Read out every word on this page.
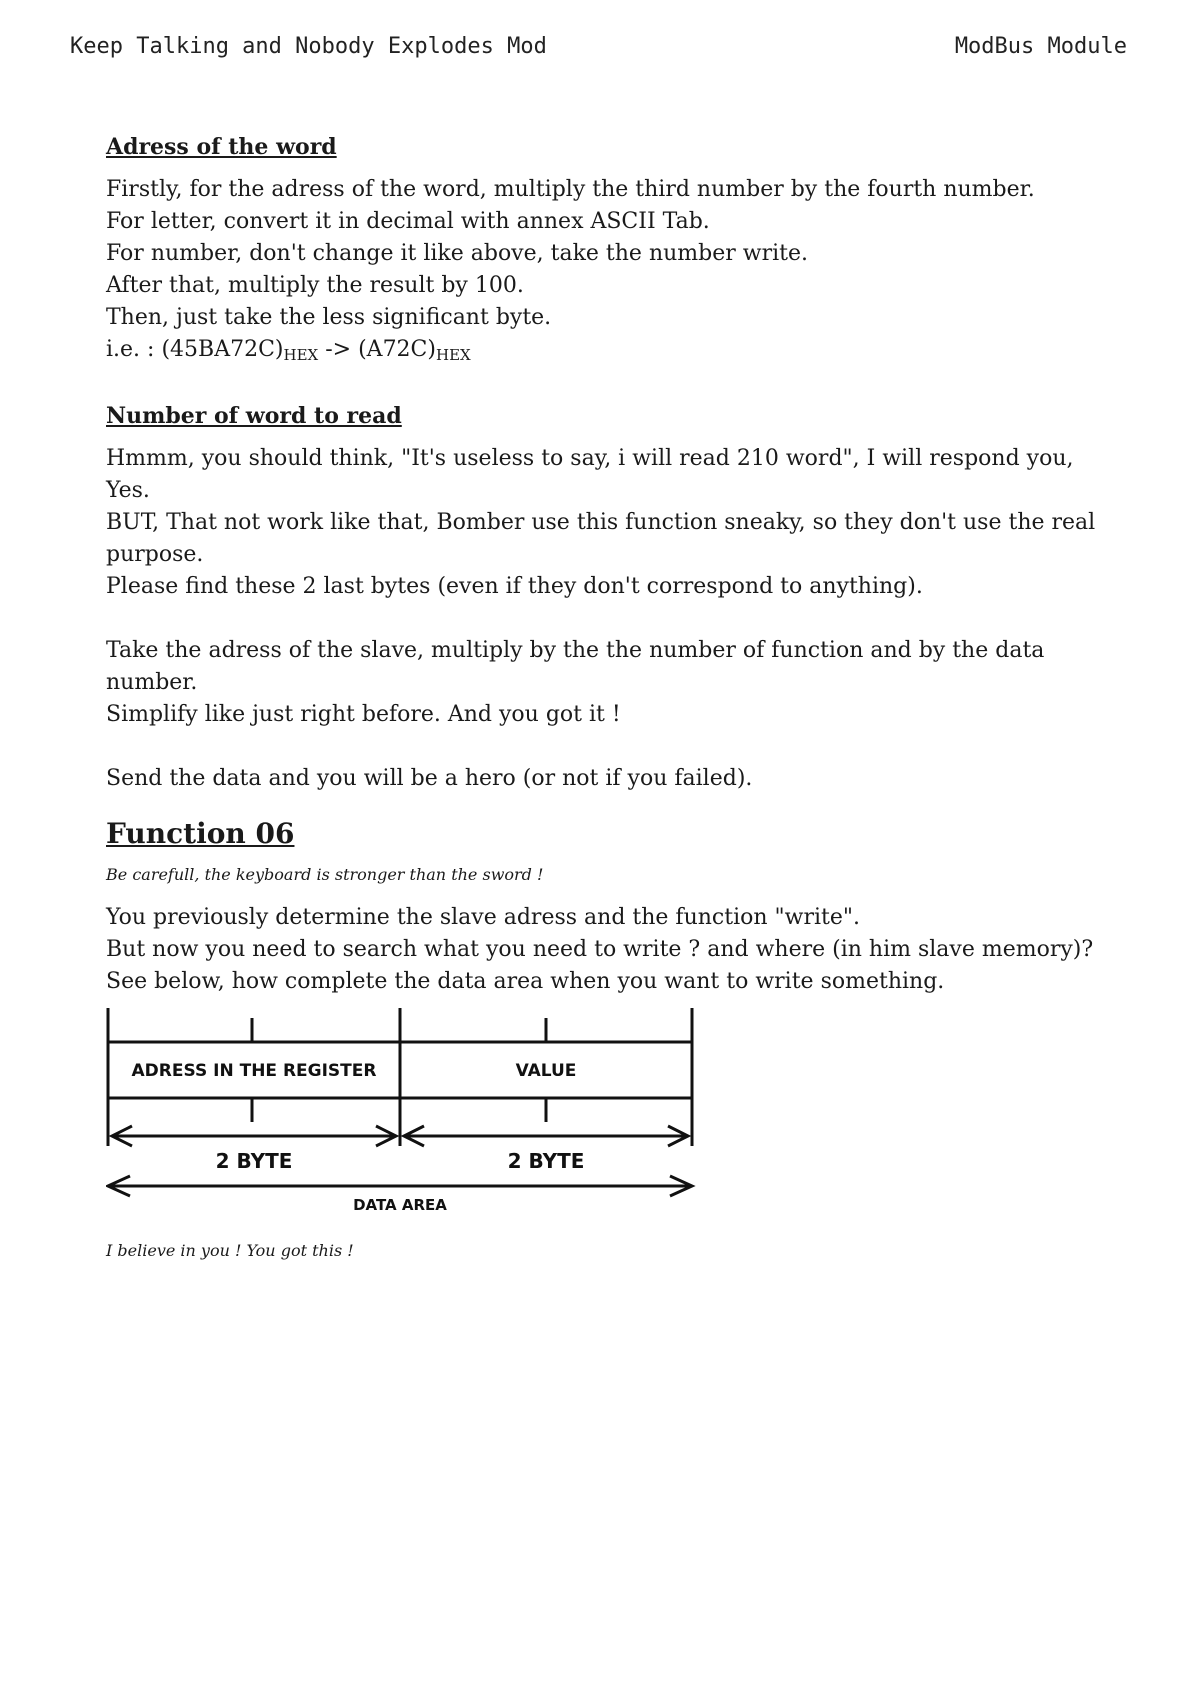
Keep Talking and Nobody Explodes Mod	ModBus Module
Adress of the word

Firstly, for the adress of the word, multiply the third number by the fourth number.

For letter, convert it in decimal with annex ASCII Tab.

For number, don't change it like above, take the number write.

After that, multiply the result by 100.

Then, just take the less significant byte.

i.e. : $(45BA72C)_{HEX} -> (A72C)_{HEX}$

Number of word to read

Hmmm, you should think, "It's useless to say, i will read 210 word", I will respond you, Yes.

BUT, That not work like that, Bomber use this function sneaky, so they don't use the real purpose.

Please find these 2 last bytes (even if they don't correspond to anything).

Take the adress of the slave, multiply by the the number of function and by the data number.

Simplify like just right before. And you got it !

Send the data and you will be a hero (or not if you failed).

Function 06
Be carefull, the keyboard is stronger than the sword !

You previously determine the slave adress and the function "write".

But now you need to search what you need to write ? and where (in him slave memory)?

See below, how complete the data area when you want to write something.

ADRESS IN THE REGISTER	VALUE
2 BYTE	2 BYTE
DATA AREA
I believe in you ! You got this !
